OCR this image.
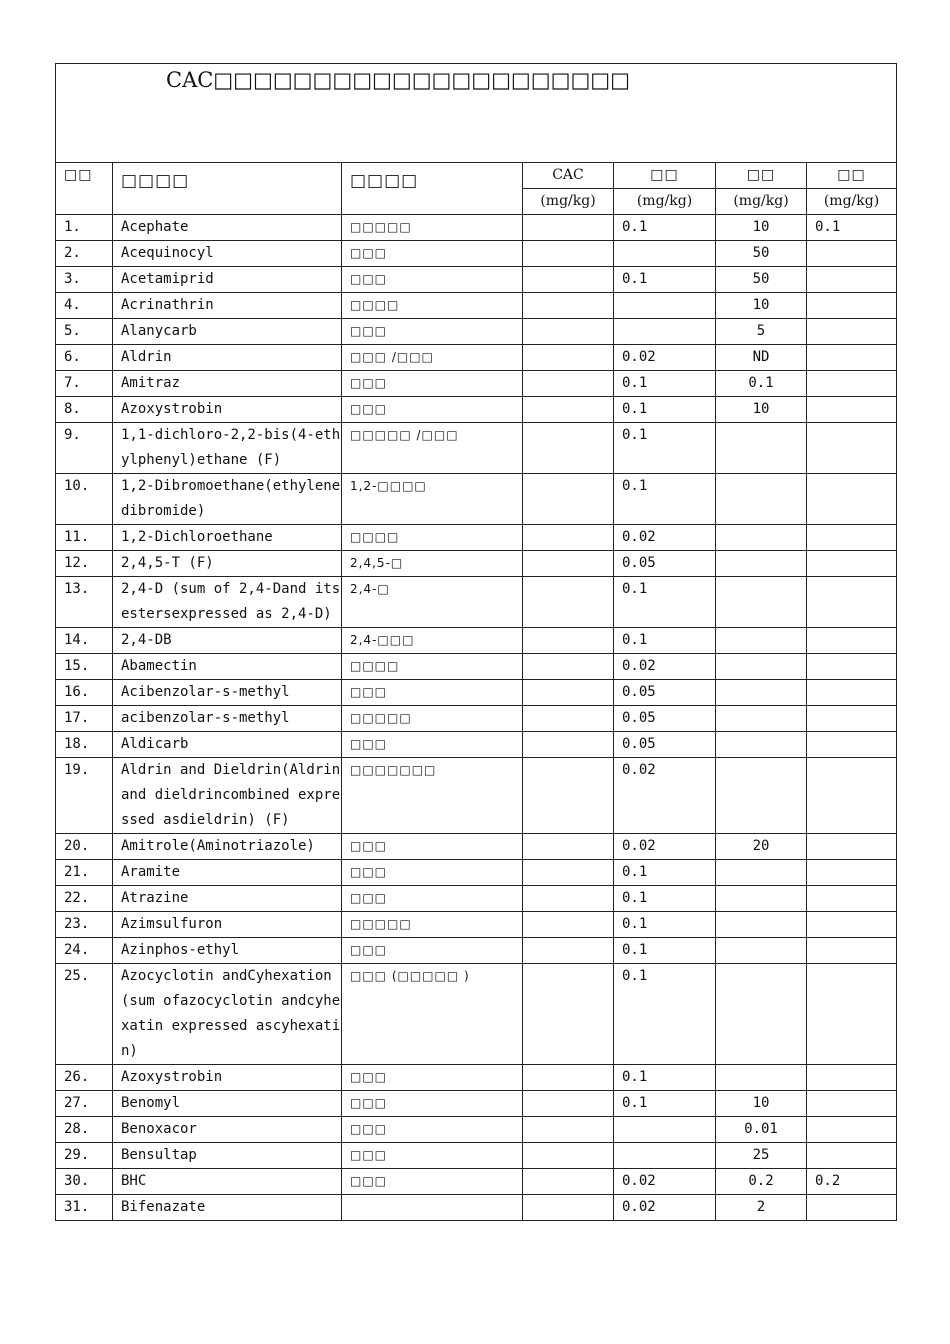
CAC□□□□□□□□□□□□□□□□□□□□□						

□□	□□□□	□□□□	CAC	□□	□□	□□
			(mg/kg)	(mg/kg)	(mg/kg)	(mg/kg)
1.	Acephate	□□□□□		0.1	10	0.1
2.	Acequinocyl	□□□			50	
3.	Acetamiprid	□□□		0.1	50	
4.	Acrinathrin	□□□□			10	
5.	Alanycarb	□□□			5	
6.	Aldrin	□□□ /□□□		0.02	ND	
7.	Amitraz	□□□		0.1	0.1	
8.	Azoxystrobin	□□□		0.1	10	
9.	1,1-dichloro-2,2-bis(4-ethylphenyl)ethane (F)	□□□□□ /□□□		0.1		
10.	1,2-Dibromoethane(ethylene dibromide)	1,2-□□□□		0.1		
11.	1,2-Dichloroethane	□□□□		0.02		
12.	2,4,5-T (F)	2,4,5-□		0.05		
13.	2,4-D (sum of 2,4-Dand its estersexpressed as 2,4-D)	2,4-□		0.1		
14.	2,4-DB	2,4-□□□		0.1		
15.	Abamectin	□□□□		0.02		
16.	Acibenzolar-s-methyl	□□□		0.05		
17.	acibenzolar-s-methyl	□□□□□		0.05		
18.	Aldicarb	□□□		0.05		
19.	Aldrin and Dieldrin(Aldrin and dieldrincombined expressed asdieldrin) (F)	□□□□□□□		0.02		
20.	Amitrole(Aminotriazole)	□□□		0.02	20	
21.	Aramite	□□□		0.1		
22.	Atrazine	□□□		0.1		
23.	Azimsulfuron	□□□□□		0.1		
24.	Azinphos-ethyl	□□□		0.1		
25.	Azocyclotin andCyhexation(sum ofazocyclotin andcyhexatin expressed ascyhexatin)	□□□ (□□□□□ )		0.1		
26.	Azoxystrobin	□□□		0.1		
27.	Benomyl	□□□		0.1	10	
28.	Benoxacor	□□□			0.01	
29.	Bensultap	□□□			25	
30.	BHC	□□□		0.02	0.2	0.2
31.	Bifenazate			0.02	2	
